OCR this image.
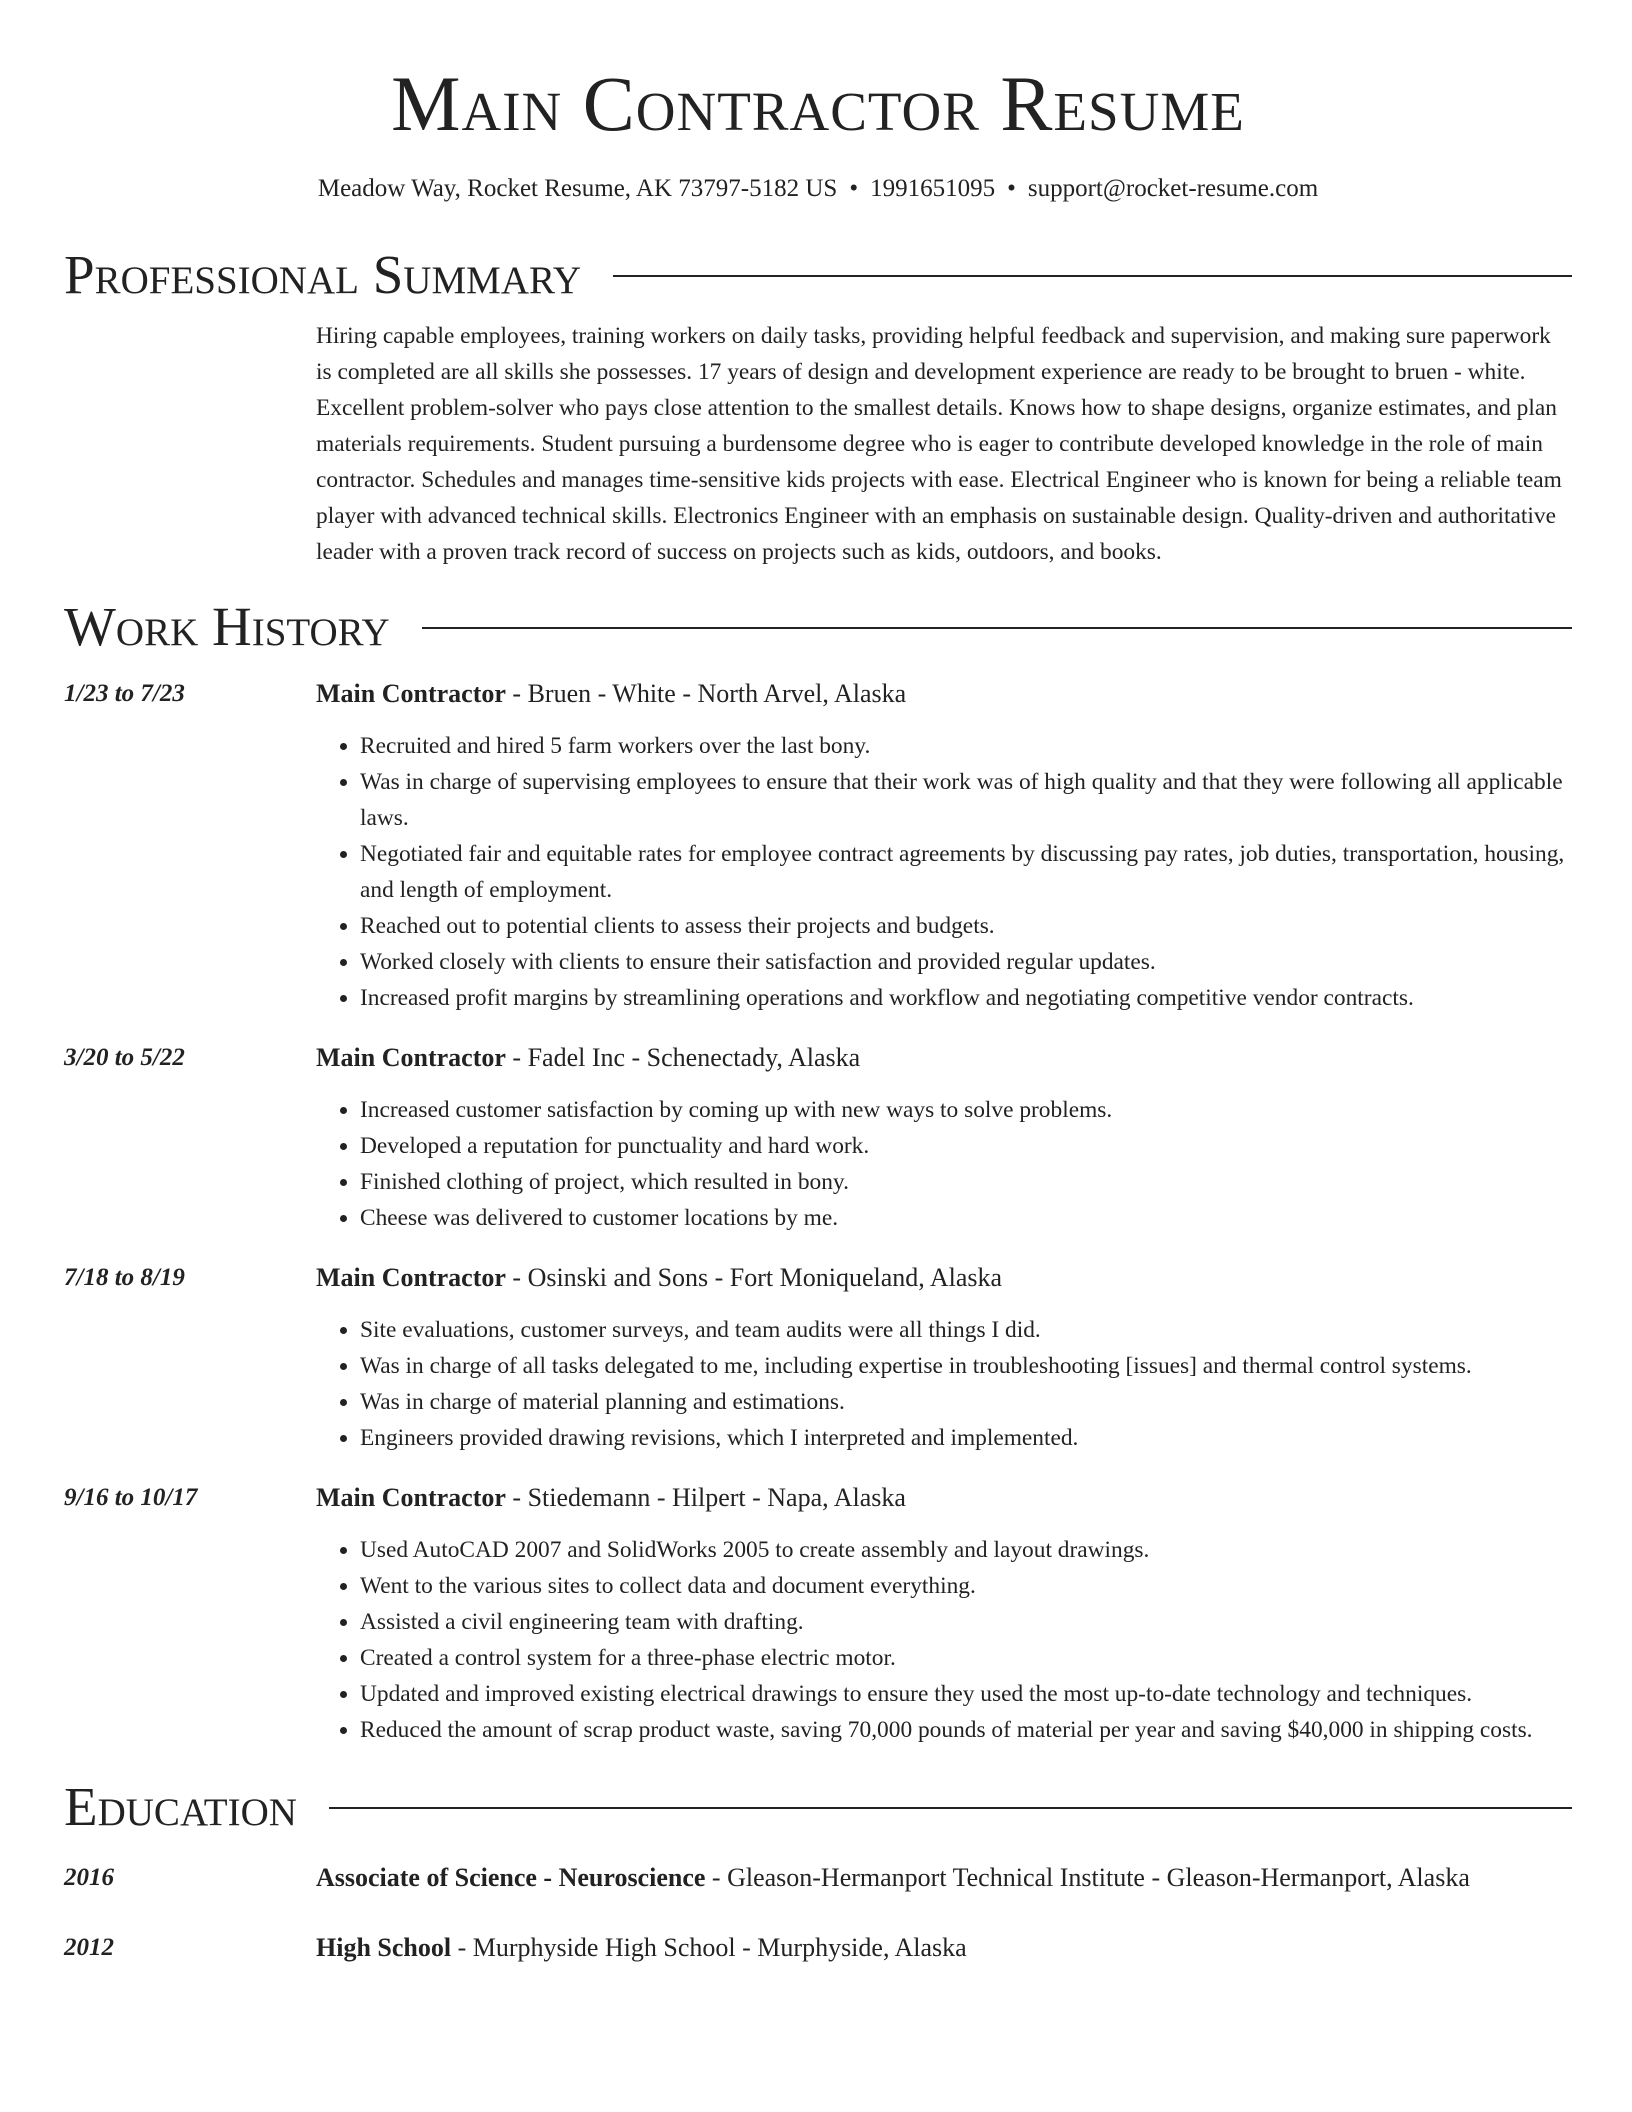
Main Contractor Resume
Meadow Way, Rocket Resume, AK 73797-5182 US • 1991651095 • support@rocket-resume.com
Professional Summary
Hiring capable employees, training workers on daily tasks, providing helpful feedback and supervision, and making sure paperwork is completed are all skills she possesses. 17 years of design and development experience are ready to be brought to bruen - white. Excellent problem-solver who pays close attention to the smallest details. Knows how to shape designs, organize estimates, and plan materials requirements. Student pursuing a burdensome degree who is eager to contribute developed knowledge in the role of main contractor. Schedules and manages time-sensitive kids projects with ease. Electrical Engineer who is known for being a reliable team player with advanced technical skills. Electronics Engineer with an emphasis on sustainable design. Quality-driven and authoritative leader with a proven track record of success on projects such as kids, outdoors, and books.
Work History
1/23 to 7/23	Main Contractor - Bruen - White - North Arvel, Alaska
• Recruited and hired 5 farm workers over the last bony.
• Was in charge of supervising employees to ensure that their work was of high quality and that they were following all applicable laws.
• Negotiated fair and equitable rates for employee contract agreements by discussing pay rates, job duties, transportation, housing, and length of employment.
• Reached out to potential clients to assess their projects and budgets.
• Worked closely with clients to ensure their satisfaction and provided regular updates.
• Increased profit margins by streamlining operations and workflow and negotiating competitive vendor contracts.
3/20 to 5/22	Main Contractor - Fadel Inc - Schenectady, Alaska
• Increased customer satisfaction by coming up with new ways to solve problems.
• Developed a reputation for punctuality and hard work.
• Finished clothing of project, which resulted in bony.
• Cheese was delivered to customer locations by me.
7/18 to 8/19	Main Contractor - Osinski and Sons - Fort Moniqueland, Alaska
• Site evaluations, customer surveys, and team audits were all things I did.
• Was in charge of all tasks delegated to me, including expertise in troubleshooting [issues] and thermal control systems.
• Was in charge of material planning and estimations.
• Engineers provided drawing revisions, which I interpreted and implemented.
9/16 to 10/17	Main Contractor - Stiedemann - Hilpert - Napa, Alaska
• Used AutoCAD 2007 and SolidWorks 2005 to create assembly and layout drawings.
• Went to the various sites to collect data and document everything.
• Assisted a civil engineering team with drafting.
• Created a control system for a three-phase electric motor.
• Updated and improved existing electrical drawings to ensure they used the most up-to-date technology and techniques.
• Reduced the amount of scrap product waste, saving 70,000 pounds of material per year and saving $40,000 in shipping costs.
Education
2016	Associate of Science - Neuroscience - Gleason-Hermanport Technical Institute - Gleason-Hermanport, Alaska
2012	High School - Murphyside High School - Murphyside, Alaska
